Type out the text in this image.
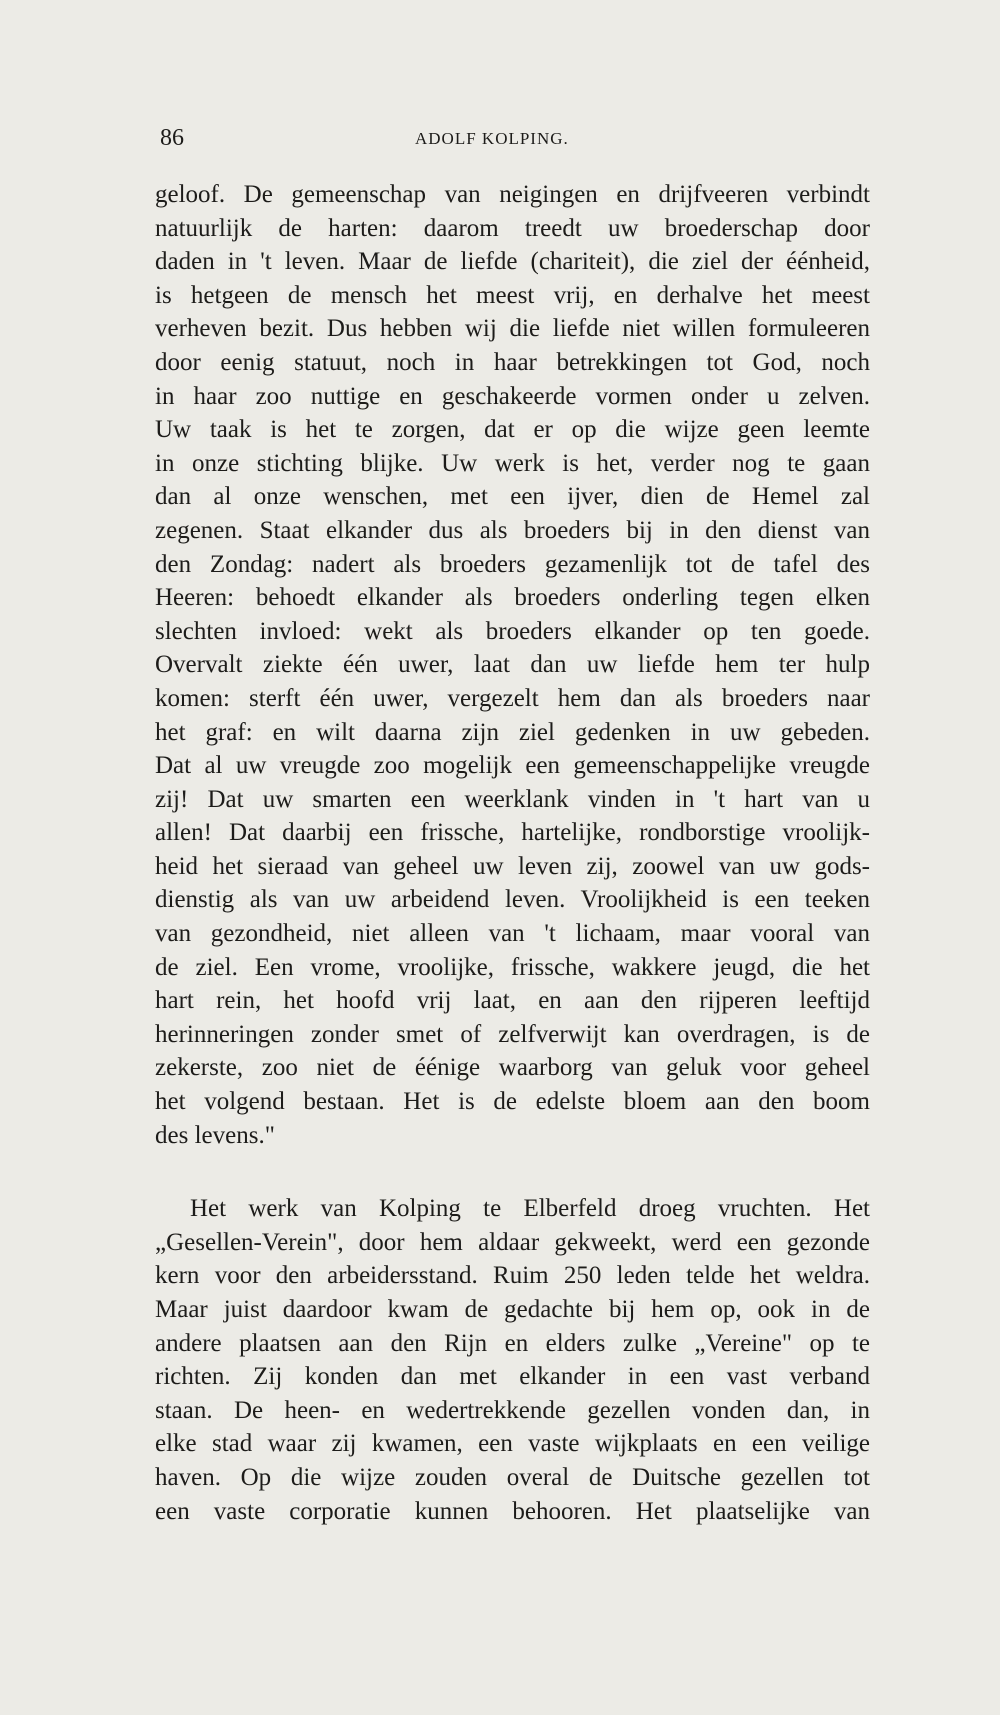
86	ADOLF KOLPING.
geloof. De gemeenschap van neigingen en drijfveeren verbindt
natuurlijk de harten: daarom treedt uw broederschap door
daden in 't leven. Maar de liefde (chariteit), die ziel der éénheid,
is hetgeen de mensch het meest vrij, en derhalve het meest
verheven bezit. Dus hebben wij die liefde niet willen formuleeren
door eenig statuut, noch in haar betrekkingen tot God, noch
in haar zoo nuttige en geschakeerde vormen onder u zelven.
Uw taak is het te zorgen, dat er op die wijze geen leemte
in onze stichting blijke. Uw werk is het, verder nog te gaan
dan al onze wenschen, met een ijver, dien de Hemel zal
zegenen. Staat elkander dus als broeders bij in den dienst van
den Zondag: nadert als broeders gezamenlijk tot de tafel des
Heeren: behoedt elkander als broeders onderling tegen elken
slechten invloed: wekt als broeders elkander op ten goede.
Overvalt ziekte één uwer, laat dan uw liefde hem ter hulp
komen: sterft één uwer, vergezelt hem dan als broeders naar
het graf: en wilt daarna zijn ziel gedenken in uw gebeden.
Dat al uw vreugde zoo mogelijk een gemeenschappelijke vreugde
zij! Dat uw smarten een weerklank vinden in 't hart van u
allen! Dat daarbij een frissche, hartelijke, rondborstige vroolijk-
heid het sieraad van geheel uw leven zij, zoowel van uw gods-
dienstig als van uw arbeidend leven. Vroolijkheid is een teeken
van gezondheid, niet alleen van 't lichaam, maar vooral van
de ziel. Een vrome, vroolijke, frissche, wakkere jeugd, die het
hart rein, het hoofd vrij laat, en aan den rijperen leeftijd
herinneringen zonder smet of zelfverwijt kan overdragen, is de
zekerste, zoo niet de éénige waarborg van geluk voor geheel
het volgend bestaan. Het is de edelste bloem aan den boom
des levens."
Het werk van Kolping te Elberfeld droeg vruchten. Het
„Gesellen-Verein", door hem aldaar gekweekt, werd een gezonde
kern voor den arbeidersstand. Ruim 250 leden telde het weldra.
Maar juist daardoor kwam de gedachte bij hem op, ook in de
andere plaatsen aan den Rijn en elders zulke „Vereine" op te
richten. Zij konden dan met elkander in een vast verband
staan. De heen- en wedertrekkende gezellen vonden dan, in
elke stad waar zij kwamen, een vaste wijkplaats en een veilige
haven. Op die wijze zouden overal de Duitsche gezellen tot
een vaste corporatie kunnen behooren. Het plaatselijke van
